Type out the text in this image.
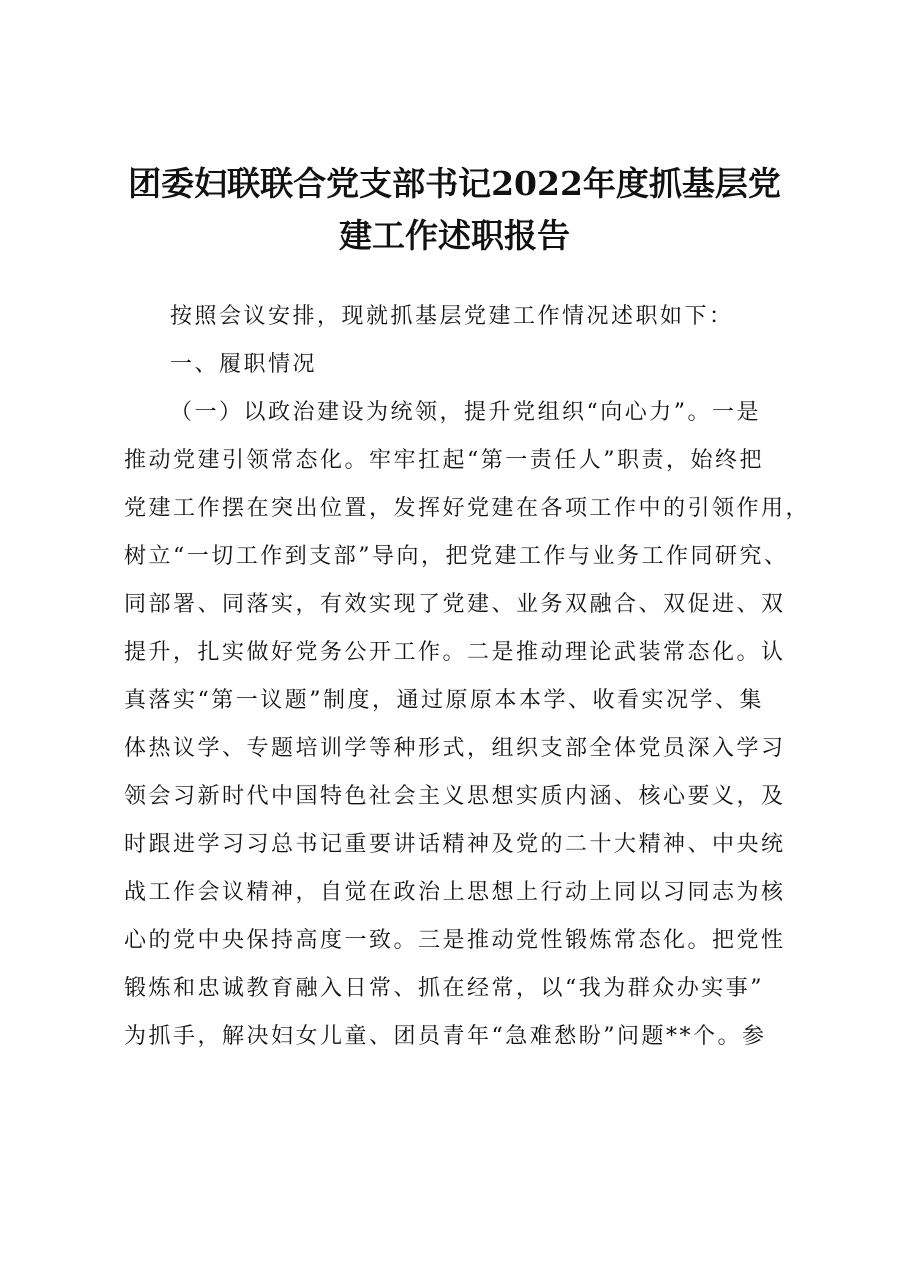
团委妇联联合党支部书记2022年度抓基层党
建工作述职报告
按照会议安排，现就抓基层党建工作情况述职如下：
一、履职情况
（一）以政治建设为统领，提升党组织“向心力”。一是
推动党建引领常态化。牢牢扛起“第一责任人”职责，始终把
党建工作摆在突出位置，发挥好党建在各项工作中的引领作用，
树立“一切工作到支部”导向，把党建工作与业务工作同研究、
同部署、同落实，有效实现了党建、业务双融合、双促进、双
提升，扎实做好党务公开工作。二是推动理论武装常态化。认
真落实“第一议题”制度，通过原原本本学、收看实况学、集
体热议学、专题培训学等种形式，组织支部全体党员深入学习
领会习新时代中国特色社会主义思想实质内涵、核心要义，及
时跟进学习习总书记重要讲话精神及党的二十大精神、中央统
战工作会议精神，自觉在政治上思想上行动上同以习同志为核
心的党中央保持高度一致。三是推动党性锻炼常态化。把党性
锻炼和忠诚教育融入日常、抓在经常，以“我为群众办实事”
为抓手，解决妇女儿童、团员青年“急难愁盼”问题**个。参
